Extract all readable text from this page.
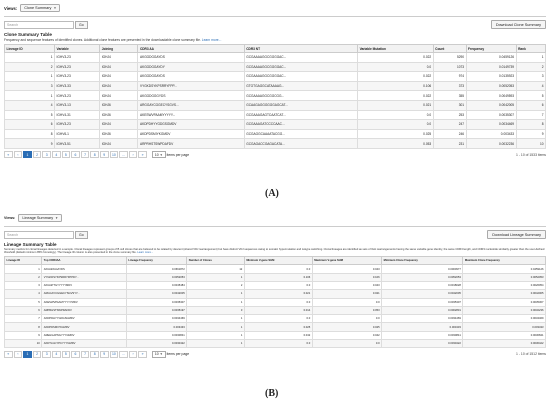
Views: Clone Summary ▼
Search	Go	Download Clone Summary
Clone Summary Table
Frequency and sequence features of identified clones. Additional clone features are presented in the downloadable clone summary file. Learn more...
Lineage ID	Variable	Joining	CDR3 AA	CDR3 NT	Variable Mutation	Count	Frequency	Rank
1	IGHV3-23	IGHJ4	AKGGDGGAYDS	GCGAAAAGGCGGGGAC...	0.022	5290	0.0459126	1
2	IGHV3-23	IGHJ4	AKGGDGGAYDY	GCGAAAAGGCGGGGAC...	0.0	1073	0.0149739	2
1	IGHV3-23	IGHJ4	AKGGDGGAYDS	GCGAAAAGGCGGGGAC...	0.022	974	0.0135923	3
3	IGHV3-33	IGHJ4	VYGKDSYKPSRRYFPP...	GTGTGAGGCATAAAAG...	0.106	373	0.0052053	4
1	IGHV3-23	IGHJ4	AKGGDGGGYDS	GCGAAAAGGCGGCGG...	0.022	355	0.0049593	5
4	IGHV3-13	IGHJ6	ARGGAYCGGECYSGVS...	GCAAGAGGGGGGAGCAT...	0.021	301	0.0042005	6
5	IGHV4-31	IGHJ6	AKESWVPAAMYYYYY...	GCGAAAGAGTCAATCAT...	0.0	253	0.0035307	7
6	IGHV3-23	IGHJ4	AKDPDHYYGDGSGMDV	GCGAAAGATCCCCAAC...	0.0	247	0.0034469	8
8	IGHV6-1	IGHJ6	AKDPDSMIYKGMDV	GCGAGGCAAAATACGG...	0.025	246	0.003433	9
9	IGHV3-51	IGHJ4	ARPRHSTSWPDAFDV	GCGAGACCGAGACATA...	0.053	231	0.0032236	10
«	‹	1	2	3	4	5	6	7	8	9	10	...	›	»	10 ▼ items per page	1 - 10 of 1533 items
(A)
Views: Lineage Summary ▼
Search	Go	Download Lineage Summary
Lineage Summary Table
Summary metrics for clonal lineages detected in a sample. Clonal lineages represent groups of B cell clones that are believed to be related by descent (shared VDJ rearrangement) but have distinct VDJ sequences owing to somatic hypermutation and isotype switching. Clonal lineages are identified as sets of IGH rearrangements having the same variable gene identity, the same CDR3 length, and CDR3 nucleotide similarity greater than the user-defined threshold (default minimum 85% homology). The lineage ID column is also presented in the clone summary file. Learn more...
Lineage ID	Top CDR3AA	Lineage Frequency	Number of Clones	Minimum V-gene SHM	Maximum V-gene SHM	Minimum Clone Frequency	Maximum Clone Frequency
1	AKGGDGGAYDS	0.0661872	12	0.0	0.043	0.0000977	0.0459126
2	VYGKDSYKPSRRYFPPDY...	0.0052053	1	0.106	0.106	0.0052053	0.0052053
3	AKGGPTGYYYYYMDV	0.0045484	2	0.0	0.043	0.0018028	0.0026054
4	ARGGAYCGGECYSGVSYY...	0.0042005	1	0.021	0.021	0.0042005	0.0042005
5	AKESWVPAAMYYYYYMDV	0.0035307	1	0.0	0.0	0.0035307	0.0035307
6	ARPRHSTSWPDAFDV	0.0035197	3	0.014	0.053	0.0002831	0.0032236
7	AKDPDHYYGDGSGMDV	0.0034469	1	0.0	0.0	0.0034469	0.0034469
8	AKDPDSMIYKGMDV	0.003433	1	0.025	0.025	0.003433	0.003433
9	AREHGAPNGYYYGMDV	0.0030841	1	0.042	0.042	0.0030841	0.0030841
10	AKDTLGCYPCYYYGMDV	0.0030422	1	0.0	0.0	0.0030422	0.0030422
«	‹	1	2	3	4	5	6	7	8	9	10	...	›	»	10 ▼ items per page	1 - 10 of 1512 items
(B)
